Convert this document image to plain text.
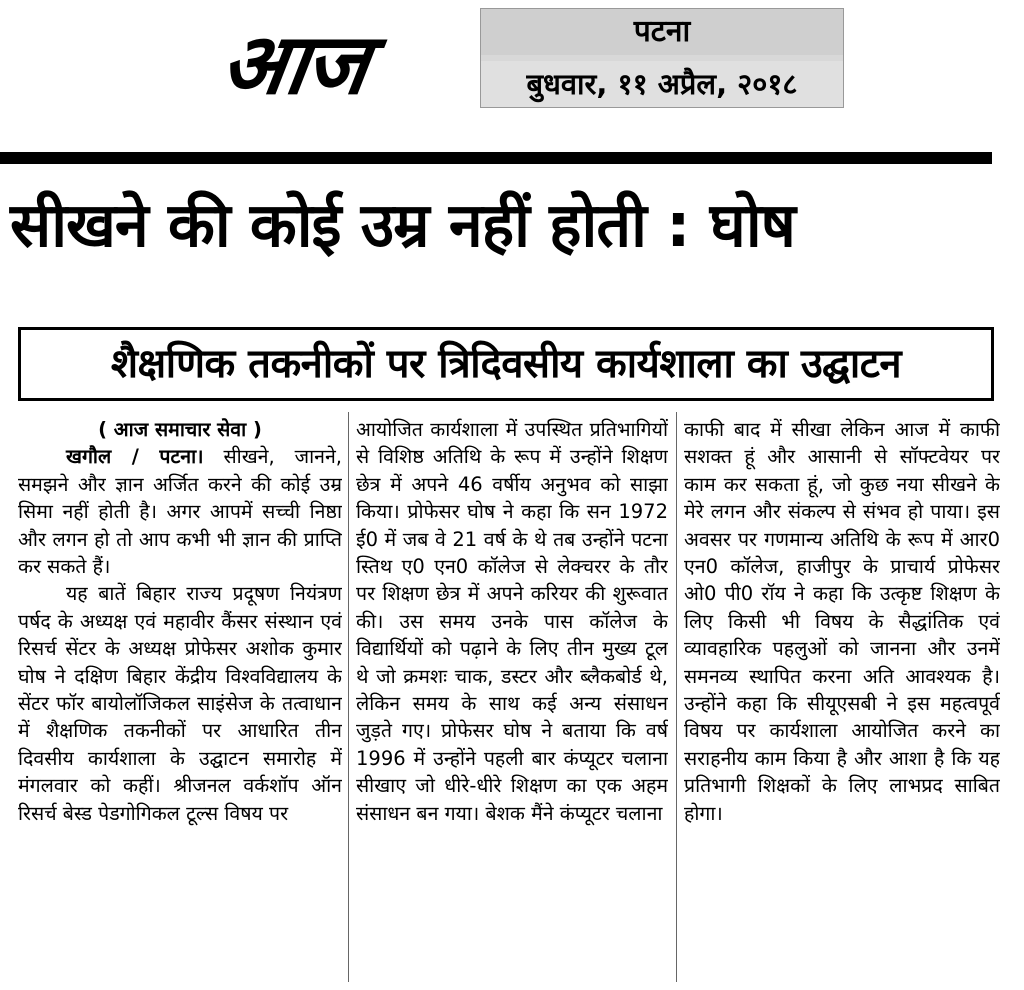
आज	पटना
बुधवार, ११ अप्रैल, २०१८
सीखने की कोई उम्र नहीं होती : घोष
शैक्षणिक तकनीकों पर त्रिदिवसीय कार्यशाला का उद्घाटन
( आज समाचार सेवा )

खगौल / पटना। सीखने, जानने, समझने और ज्ञान अर्जित करने की कोई उम्र सिमा नहीं होती है। अगर आपमें सच्ची निष्ठा और लगन हो तो आप कभी भी ज्ञान की प्राप्ति कर सकते हैं।

यह बातें बिहार राज्य प्रदूषण नियंत्रण पर्षद के अध्यक्ष एवं महावीर कैंसर संस्थान एवं रिसर्च सेंटर के अध्यक्ष प्रोफेसर अशोक कुमार घोष ने दक्षिण बिहार केंद्रीय विश्वविद्यालय के सेंटर फॉर बायोलॉजिकल साइंसेज के तत्वाधान में शैक्षणिक तकनीकों पर आधारित तीन दिवसीय कार्यशाला के उद्घाटन समारोह में मंगलवार को कहीं। श्रीजनल वर्कशॉप ऑन रिसर्च बेस्ड पेडगोगिकल टूल्स विषय पर

आयोजित कार्यशाला में उपस्थित प्रतिभागियों से विशिष्ठ अतिथि के रूप में उन्होंने शिक्षण छेत्र में अपने 46 वर्षीय अनुभव को साझा किया। प्रोफेसर घोष ने कहा कि सन 1972 ई0 में जब वे 21 वर्ष के थे तब उन्होंने पटना स्तिथ ए0 एन0 कॉलेज से लेक्चरर के तौर पर शिक्षण छेत्र में अपने करियर की शुरूवात की। उस समय उनके पास कॉलेज के विद्यार्थियों को पढ़ाने के लिए तीन मुख्य टूल थे जो क्रमशः चाक, डस्टर और ब्लैकबोर्ड थे, लेकिन समय के साथ कई अन्य संसाधन जुड़ते गए। प्रोफेसर घोष ने बताया कि वर्ष 1996 में उन्होंने पहली बार कंप्यूटर चलाना सीखाए जो धीरे-धीरे शिक्षण का एक अहम संसाधन बन गया। बेशक मैंने कंप्यूटर चलाना

काफी बाद में सीखा लेकिन आज में काफी सशक्त हूं और आसानी से सॉफ्टवेयर पर काम कर सकता हूं, जो कुछ नया सीखने के मेरे लगन और संकल्प से संभव हो पाया। इस अवसर पर गणमान्य अतिथि के रूप में आर0 एन0 कॉलेज, हाजीपुर के प्राचार्य प्रोफेसर ओ0 पी0 रॉय ने कहा कि उत्कृष्ट शिक्षण के लिए किसी भी विषय के सैद्धांतिक एवं व्यावहारिक पहलुओं को जानना और उनमें समनव्य स्थापित करना अति आवश्यक है। उन्होंने कहा कि सीयूएसबी ने इस महत्वपूर्व विषय पर कार्यशाला आयोजित करने का सराहनीय काम किया है और आशा है कि यह प्रतिभागी शिक्षकों के लिए लाभप्रद साबित होगा।
